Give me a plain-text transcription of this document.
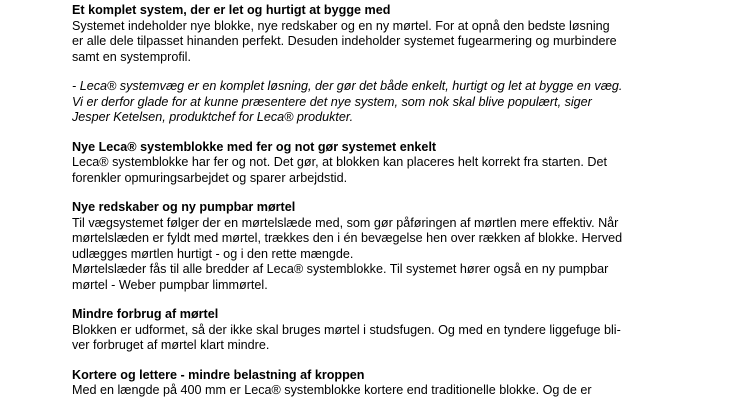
Et komplet system, der er let og hurtigt at bygge med
Systemet indeholder nye blokke, nye redskaber og en ny mørtel. For at opnå den bedste løsning
er alle dele tilpasset hinanden perfekt. Desuden indeholder systemet fugearmering og murbindere
samt en systemprofil.
- Leca® systemvæg er en komplet løsning, der gør det både enkelt, hurtigt og let at bygge en væg.
Vi er derfor glade for at kunne præsentere det nye system, som nok skal blive populært, siger
Jesper Ketelsen, produktchef for Leca® produkter.
Nye Leca® systemblokke med fer og not gør systemet enkelt
Leca® systemblokke har fer og not. Det gør, at blokken kan placeres helt korrekt fra starten. Det
forenkler opmuringsarbejdet og sparer arbejdstid.
Nye redskaber og ny pumpbar mørtel
Til vægsystemet følger der en mørtelslæde med, som gør påføringen af mørtlen mere effektiv. Når
mørtelslæden er fyldt med mørtel, trækkes den i én bevægelse hen over rækken af blokke. Herved
udlægges mørtlen hurtigt - og i den rette mængde.
Mørtelslæder fås til alle bredder af Leca® systemblokke. Til systemet hører også en ny pumpbar
mørtel - Weber pumpbar limmørtel.
Mindre forbrug af mørtel
Blokken er udformet, så der ikke skal bruges mørtel i studsfugen. Og med en tyndere liggefuge bli-
ver forbruget af mørtel klart mindre.
Kortere og lettere - mindre belastning af kroppen
Med en længde på 400 mm er Leca® systemblokke kortere end traditionelle blokke. Og de er
